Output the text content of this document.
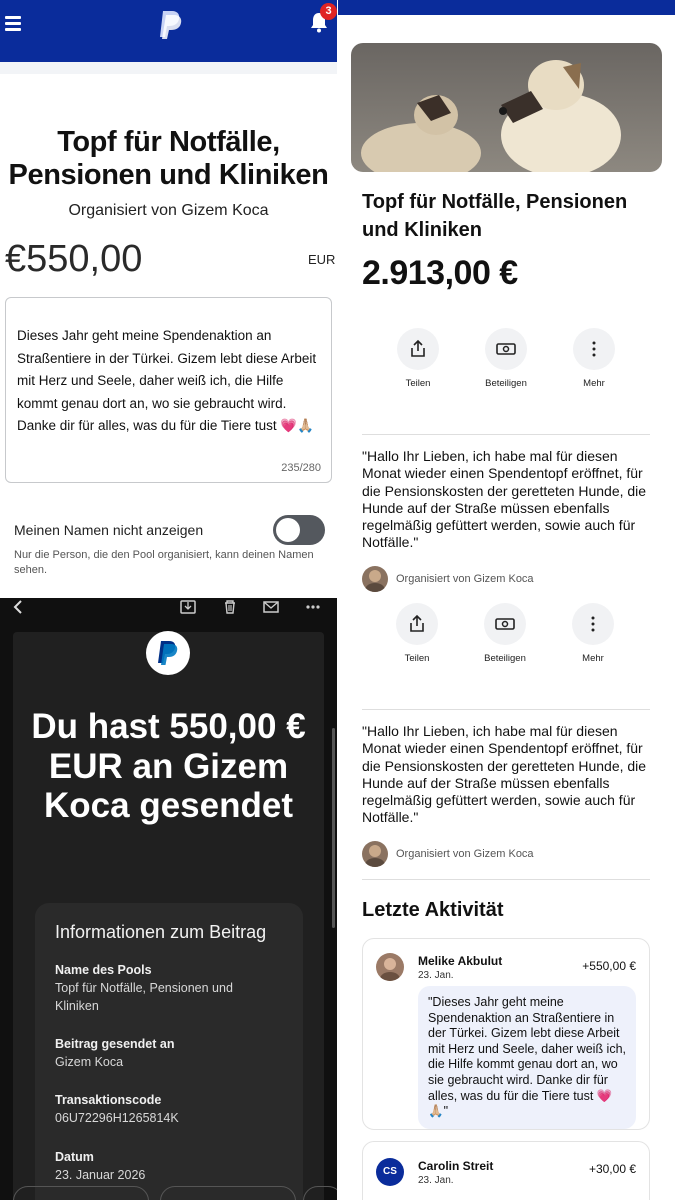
3
Topf für Notfälle, Pensionen und Kliniken
Organisiert von Gizem Koca
€550,00	EUR
Dieses Jahr geht meine Spendenaktion an Straßentiere in der Türkei. Gizem lebt diese Arbeit mit Herz und Seele, daher weiß ich, die Hilfe kommt genau dort an, wo sie gebraucht wird. Danke dir für alles, was du für die Tiere tust 💗🙏🏼
235/280
Meinen Namen nicht anzeigen
Nur die Person, die den Pool organisiert, kann deinen Namen sehen.
Du hast 550,00 € EUR an Gizem Koca gesendet
Informationen zum Beitrag
Name des Pools
Topf für Notfälle, Pensionen und Kliniken
Beitrag gesendet an
Gizem Koca
Transaktionscode
06U72296H1265814K
Datum
23. Januar 2026
Topf für Notfälle, Pensionen und Kliniken
2.913,00 €
Teilen	Beteiligen	Mehr
"Hallo Ihr Lieben, ich habe mal für diesen Monat wieder einen Spendentopf eröffnet, für die Pensionskosten der geretteten Hunde, die Hunde auf der Straße müssen ebenfalls regelmäßig gefüttert werden, sowie auch für Notfälle."
Organisiert von Gizem Koca
Teilen	Beteiligen	Mehr
"Hallo Ihr Lieben, ich habe mal für diesen Monat wieder einen Spendentopf eröffnet, für die Pensionskosten der geretteten Hunde, die Hunde auf der Straße müssen ebenfalls regelmäßig gefüttert werden, sowie auch für Notfälle."
Organisiert von Gizem Koca
Letzte Aktivität
Melike Akbulut
23. Jan.
+550,00 €
"Dieses Jahr geht meine Spendenaktion an Straßentiere in der Türkei. Gizem lebt diese Arbeit mit Herz und Seele, daher weiß ich, die Hilfe kommt genau dort an, wo sie gebraucht wird. Danke dir für alles, was du für die Tiere tust 💗🙏🏼"
CS	Carolin Streit
23. Jan.
+30,00 €
